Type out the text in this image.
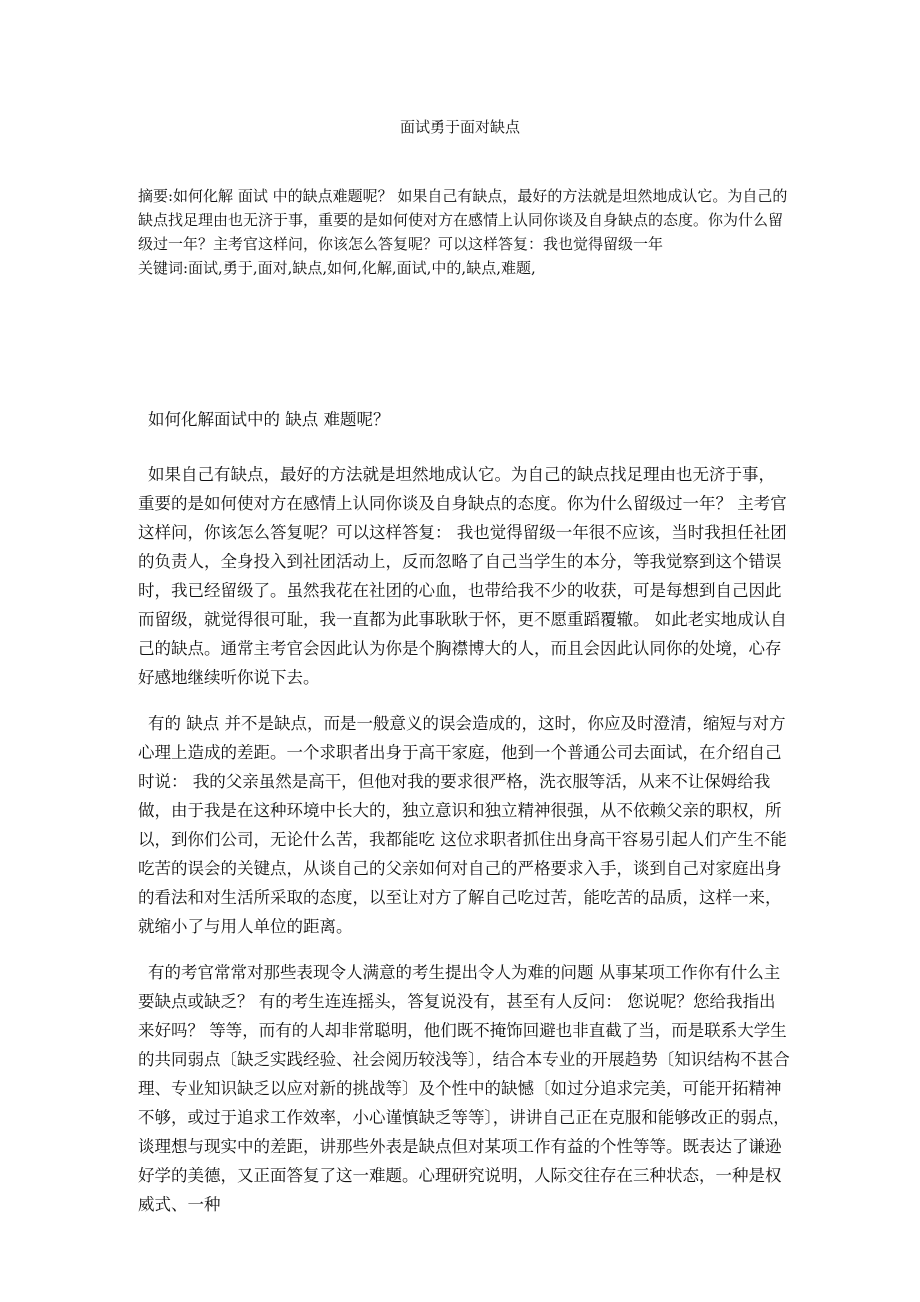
面试勇于面对缺点

摘要:如何化解 面试 中的缺点难题呢？ 如果自己有缺点，最好的方法就是坦然地成认它。为自己的缺点找足理由也无济于事，重要的是如何使对方在感情上认同你谈及自身缺点的态度。你为什么留级过一年？主考官这样问，你该怎么答复呢？可以这样答复：我也觉得留级一年

关键词:面试,勇于,面对,缺点,如何,化解,面试,中的,缺点,难题,

如何化解面试中的 缺点 难题呢？

如果自己有缺点，最好的方法就是坦然地成认它。为自己的缺点找足理由也无济于事，重要的是如何使对方在感情上认同你谈及自身缺点的态度。你为什么留级过一年？ 主考官这样问，你该怎么答复呢？可以这样答复： 我也觉得留级一年很不应该，当时我担任社团的负责人，全身投入到社团活动上，反而忽略了自己当学生的本分，等我觉察到这个错误时，我已经留级了。虽然我花在社团的心血，也带给我不少的收获，可是每想到自己因此而留级，就觉得很可耻，我一直都为此事耿耿于怀，更不愿重蹈覆辙。 如此老实地成认自己的缺点。通常主考官会因此认为你是个胸襟博大的人，而且会因此认同你的处境，心存好感地继续听你说下去。

有的 缺点 并不是缺点，而是一般意义的误会造成的，这时，你应及时澄清，缩短与对方心理上造成的差距。一个求职者出身于高干家庭，他到一个普通公司去面试，在介绍自己时说： 我的父亲虽然是高干，但他对我的要求很严格，洗衣服等活，从来不让保姆给我做，由于我是在这种环境中长大的，独立意识和独立精神很强，从不依赖父亲的职权，所以，到你们公司，无论什么苦，我都能吃 这位求职者抓住出身高干容易引起人们产生不能吃苦的误会的关键点，从谈自己的父亲如何对自己的严格要求入手，谈到自己对家庭出身的看法和对生活所采取的态度，以至让对方了解自己吃过苦，能吃苦的品质，这样一来，就缩小了与用人单位的距离。

有的考官常常对那些表现令人满意的考生提出令人为难的问题 从事某项工作你有什么主要缺点或缺乏？ 有的考生连连摇头，答复说没有，甚至有人反问： 您说呢？您给我指出来好吗？ 等等，而有的人却非常聪明，他们既不掩饰回避也非直截了当，而是联系大学生的共同弱点〔缺乏实践经验、社会阅历较浅等〕，结合本专业的开展趋势〔知识结构不甚合理、专业知识缺乏以应对新的挑战等〕及个性中的缺憾〔如过分追求完美，可能开拓精神不够，或过于追求工作效率，小心谨慎缺乏等等〕，讲讲自己正在克服和能够改正的弱点，谈理想与现实中的差距，讲那些外表是缺点但对某项工作有益的个性等等。既表达了谦逊好学的美德，又正面答复了这一难题。心理研究说明，人际交往存在三种状态，一种是权威式、一种
